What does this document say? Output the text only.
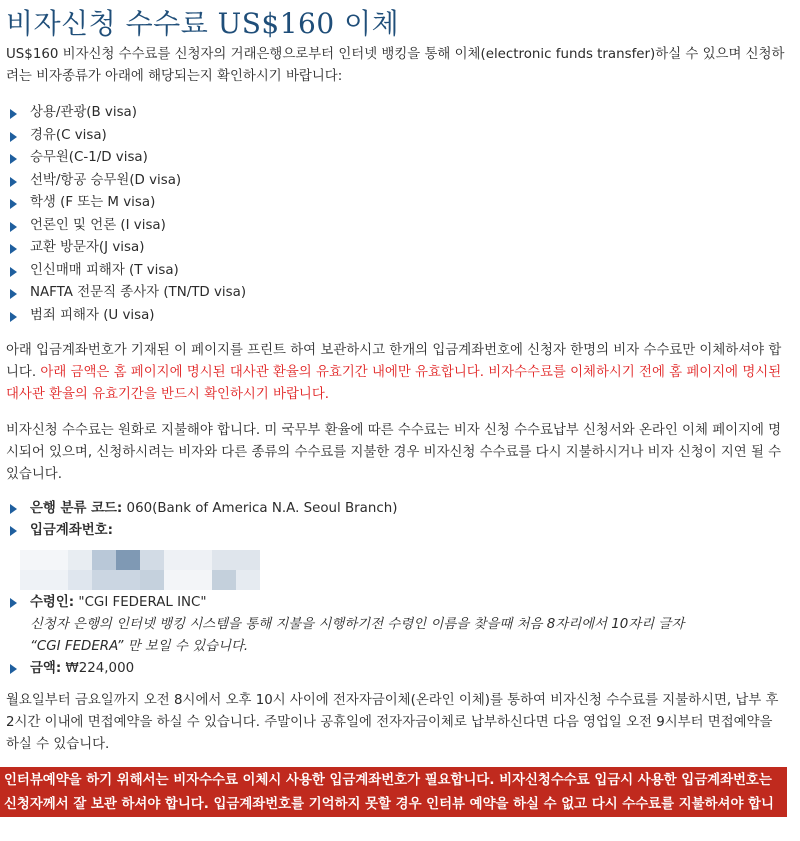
비자신청 수수료 US$160 이체

US$160 비자신청 수수료를 신청자의 거래은행으로부터 인터넷 뱅킹을 통해 이체(electronic funds transfer)하실 수 있으며 신청하려는 비자종류가 아래에 해당되는지 확인하시기 바랍니다:

상용/관광(B visa)
경유(C visa)
승무원(C-1/D visa)
선박/항공 승무원(D visa)
학생 (F 또는 M visa)
언론인 및 언론 (I visa)
교환 방문자(J visa)
인신매매 피해자 (T visa)
NAFTA 전문직 종사자 (TN/TD visa)
범죄 피해자 (U visa)

아래 입금계좌번호가 기재된 이 페이지를 프린트 하여 보관하시고 한개의 입금계좌번호에 신청자 한명의 비자 수수료만 이체하셔야 합니다. 아래 금액은 홈 페이지에 명시된 대사관 환율의 유효기간 내에만 유효합니다. 비자수수료를 이체하시기 전에 홈 페이지에 명시된 대사관 환율의 유효기간을 반드시 확인하시기 바랍니다.

비자신청 수수료는 원화로 지불해야 합니다. 미 국무부 환율에 따른 수수료는 비자 신청 수수료납부 신청서와 온라인 이체 페이지에 명시되어 있으며, 신청하시려는 비자와 다른 종류의 수수료를 지불한 경우 비자신청 수수료를 다시 지불하시거나 비자 신청이 지연 될 수 있습니다.

은행 분류 코드: 060(Bank of America N.A. Seoul Branch)
입금계좌번호:
수령인: "CGI FEDERAL INC"
신청자 은행의 인터넷 뱅킹 시스템을 통해 지불을 시행하기전 수령인 이름을 찾을때 처음 8자리에서 10자리 글자 “CGI FEDERA” 만 보일 수 있습니다.
금액: ₩224,000

월요일부터 금요일까지 오전 8시에서 오후 10시 사이에 전자자금이체(온라인 이체)를 통하여 비자신청 수수료를 지불하시면, 납부 후 2시간 이내에 면접예약을 하실 수 있습니다. 주말이나 공휴일에 전자자금이체로 납부하신다면 다음 영업일 오전 9시부터 면접예약을 하실 수 있습니다.

인터뷰예약을 하기 위해서는 비자수수료 이체시 사용한 입금계좌번호가 필요합니다. 비자신청수수료 입금시 사용한 입금계좌번호는 신청자께서 잘 보관 하셔야 합니다. 입금계좌번호를 기억하지 못할 경우 인터뷰 예약을 하실 수 없고 다시 수수료를 지불하셔야 합니다
